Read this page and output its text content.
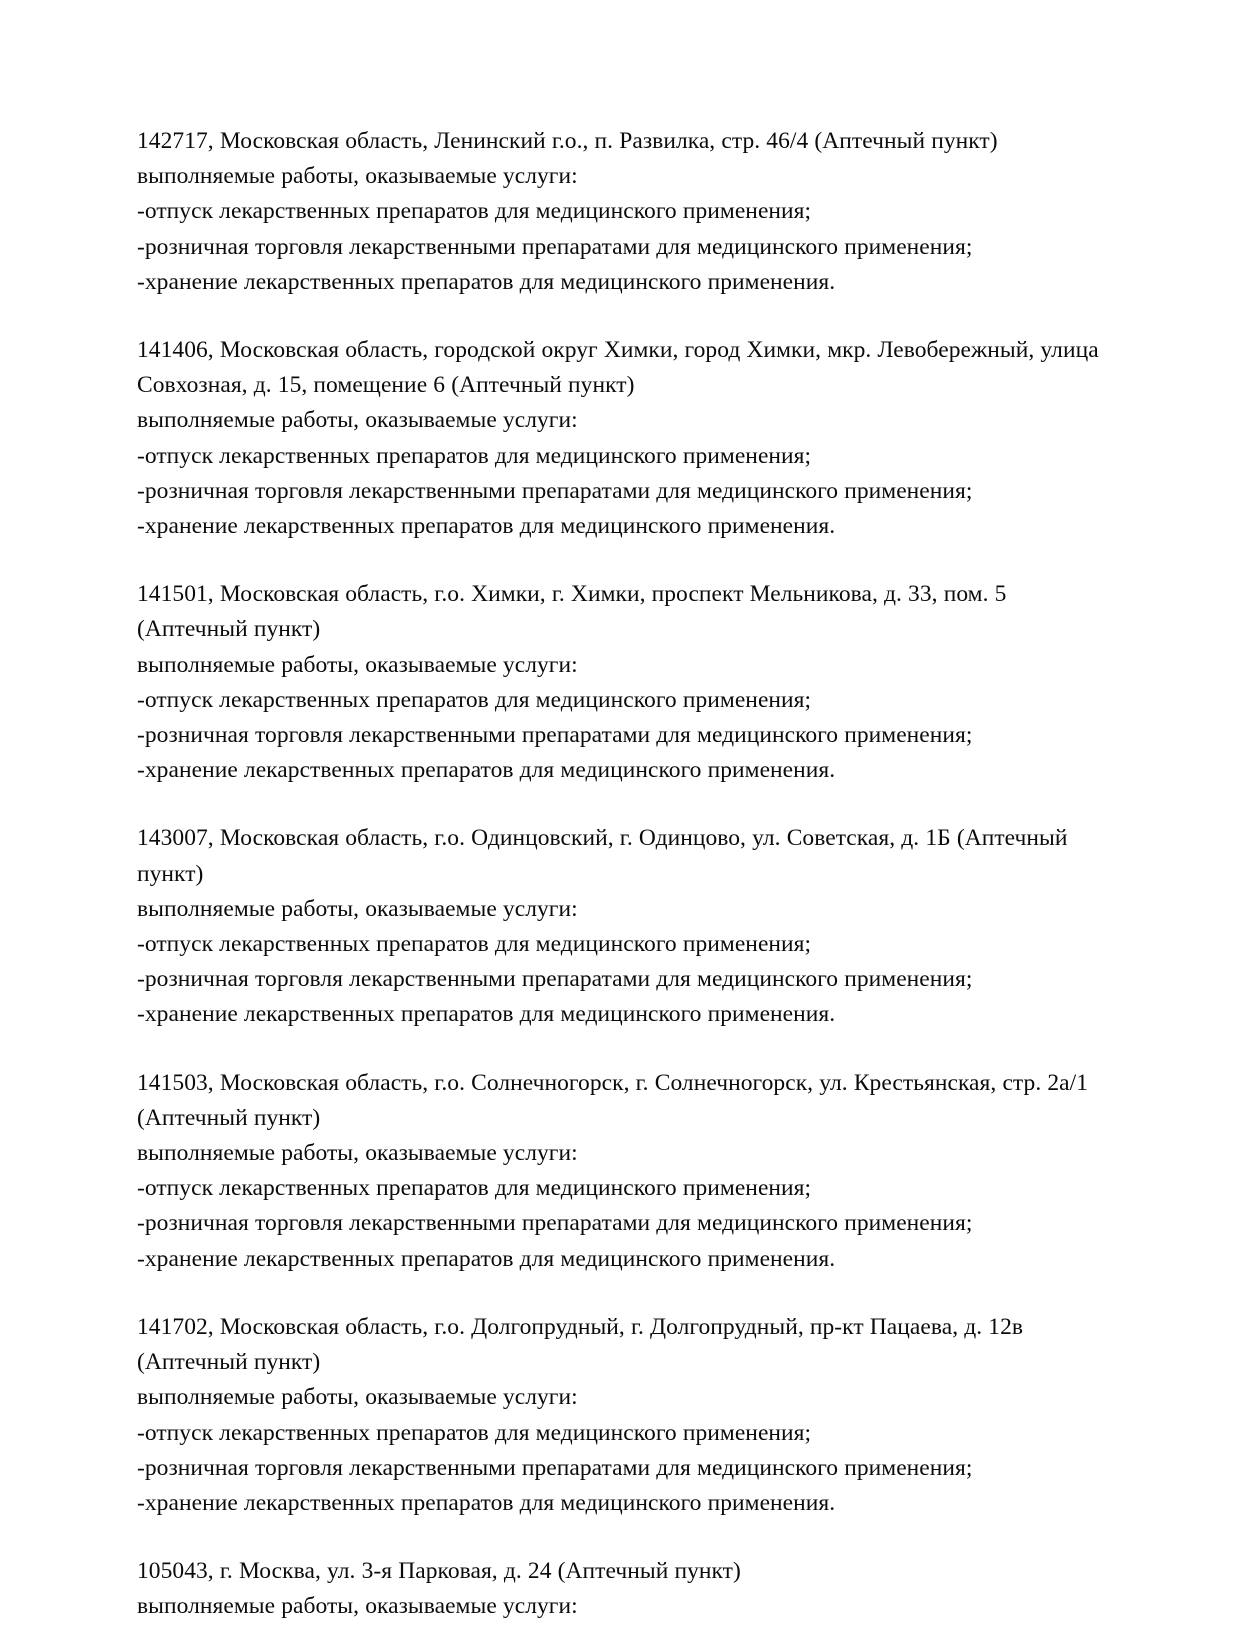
142717, Московская область, Ленинский г.о., п. Развилка, стр. 46/4 (Аптечный пункт)
выполняемые работы, оказываемые услуги:
-отпуск лекарственных препаратов для медицинского применения;
-розничная торговля лекарственными препаратами для медицинского применения;
-хранение лекарственных препаратов для медицинского применения.
141406, Московская область, городской округ Химки, город Химки, мкр. Левобережный, улица Совхозная, д. 15, помещение 6 (Аптечный пункт)
выполняемые работы, оказываемые услуги:
-отпуск лекарственных препаратов для медицинского применения;
-розничная торговля лекарственными препаратами для медицинского применения;
-хранение лекарственных препаратов для медицинского применения.
141501, Московская область, г.о. Химки, г. Химки, проспект Мельникова, д. 33, пом. 5 (Аптечный пункт)
выполняемые работы, оказываемые услуги:
-отпуск лекарственных препаратов для медицинского применения;
-розничная торговля лекарственными препаратами для медицинского применения;
-хранение лекарственных препаратов для медицинского применения.
143007, Московская область, г.о. Одинцовский, г. Одинцово, ул. Советская, д. 1Б (Аптечный пункт)
выполняемые работы, оказываемые услуги:
-отпуск лекарственных препаратов для медицинского применения;
-розничная торговля лекарственными препаратами для медицинского применения;
-хранение лекарственных препаратов для медицинского применения.
141503, Московская область, г.о. Солнечногорск, г. Солнечногорск, ул. Крестьянская, стр. 2а/1 (Аптечный пункт)
выполняемые работы, оказываемые услуги:
-отпуск лекарственных препаратов для медицинского применения;
-розничная торговля лекарственными препаратами для медицинского применения;
-хранение лекарственных препаратов для медицинского применения.
141702, Московская область, г.о. Долгопрудный, г. Долгопрудный, пр-кт Пацаева, д. 12в (Аптечный пункт)
выполняемые работы, оказываемые услуги:
-отпуск лекарственных препаратов для медицинского применения;
-розничная торговля лекарственными препаратами для медицинского применения;
-хранение лекарственных препаратов для медицинского применения.
105043, г. Москва, ул. 3-я Парковая, д. 24 (Аптечный пункт)
выполняемые работы, оказываемые услуги:
